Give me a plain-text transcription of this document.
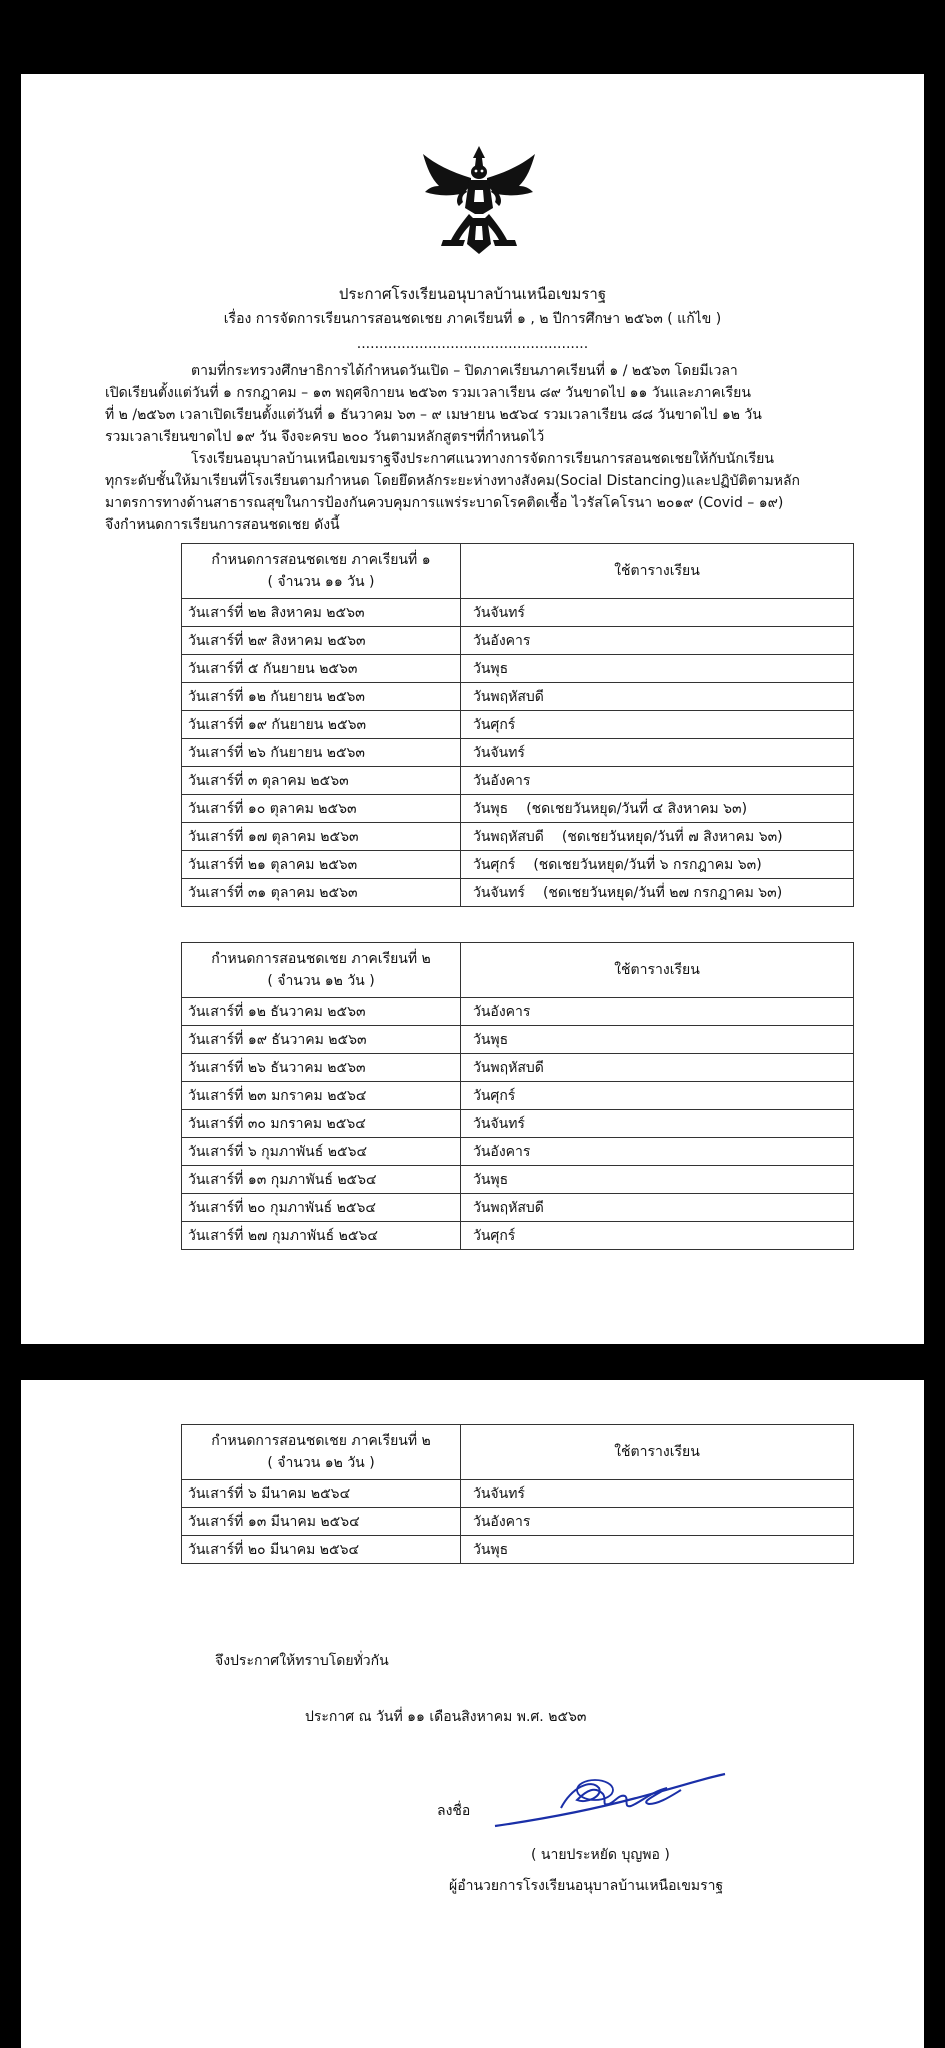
ประกาศโรงเรียนอนุบาลบ้านเหนือเขมราฐ
เรื่อง การจัดการเรียนการสอนชดเชย ภาคเรียนที่ ๑ , ๒ ปีการศึกษา ๒๕๖๓ ( แก้ไข )
....................................................
ตามที่กระทรวงศึกษาธิการได้กำหนดวันเปิด – ปิดภาคเรียนภาคเรียนที่ ๑ / ๒๕๖๓ โดยมีเวลา
เปิดเรียนตั้งแต่วันที่ ๑ กรกฎาคม – ๑๓ พฤศจิกายน ๒๕๖๓ รวมเวลาเรียน ๘๙ วันขาดไป ๑๑ วันและภาคเรียน
ที่ ๒ /๒๕๖๓ เวลาเปิดเรียนตั้งแต่วันที่ ๑ ธันวาคม ๖๓ – ๙ เมษายน ๒๕๖๔ รวมเวลาเรียน ๘๘ วันขาดไป ๑๒ วัน
รวมเวลาเรียนขาดไป ๑๙ วัน จึงจะครบ ๒๐๐ วันตามหลักสูตรฯที่กำหนดไว้
โรงเรียนอนุบาลบ้านเหนือเขมราฐจึงประกาศแนวทางการจัดการเรียนการสอนชดเชยให้กับนักเรียน
ทุกระดับชั้นให้มาเรียนที่โรงเรียนตามกำหนด โดยยึดหลักระยะห่างทางสังคม(Social Distancing)และปฏิบัติตามหลัก
มาตรการทางด้านสาธารณสุขในการป้องกันควบคุมการแพร่ระบาดโรคติดเชื้อ ไวรัสโคโรนา ๒๐๑๙ (Covid – ๑๙)
จึงกำหนดการเรียนการสอนชดเชย ดังนี้
กำหนดการสอนชดเชย ภาคเรียนที่ ๑
( จำนวน ๑๑ วัน )	ใช้ตารางเรียน
วันเสาร์ที่ ๒๒ สิงหาคม ๒๕๖๓	วันจันทร์
วันเสาร์ที่ ๒๙ สิงหาคม ๒๕๖๓	วันอังคาร
วันเสาร์ที่ ๕ กันยายน ๒๕๖๓	วันพุธ
วันเสาร์ที่ ๑๒ กันยายน ๒๕๖๓	วันพฤหัสบดี
วันเสาร์ที่ ๑๙ กันยายน ๒๕๖๓	วันศุกร์
วันเสาร์ที่ ๒๖ กันยายน ๒๕๖๓	วันจันทร์
วันเสาร์ที่ ๓ ตุลาคม ๒๕๖๓	วันอังคาร
วันเสาร์ที่ ๑๐ ตุลาคม ๒๕๖๓	วันพุธ (ชดเชยวันหยุด/วันที่ ๔ สิงหาคม ๖๓)
วันเสาร์ที่ ๑๗ ตุลาคม ๒๕๖๓	วันพฤหัสบดี (ชดเชยวันหยุด/วันที่ ๗ สิงหาคม ๖๓)
วันเสาร์ที่ ๒๑ ตุลาคม ๒๕๖๓	วันศุกร์ (ชดเชยวันหยุด/วันที่ ๖ กรกฎาคม ๖๓)
วันเสาร์ที่ ๓๑ ตุลาคม ๒๕๖๓	วันจันทร์ (ชดเชยวันหยุด/วันที่ ๒๗ กรกฎาคม ๖๓)
กำหนดการสอนชดเชย ภาคเรียนที่ ๒
( จำนวน ๑๒ วัน )	ใช้ตารางเรียน
วันเสาร์ที่ ๑๒ ธันวาคม ๒๕๖๓	วันอังคาร
วันเสาร์ที่ ๑๙ ธันวาคม ๒๕๖๓	วันพุธ
วันเสาร์ที่ ๒๖ ธันวาคม ๒๕๖๓	วันพฤหัสบดี
วันเสาร์ที่ ๒๓ มกราคม ๒๕๖๔	วันศุกร์
วันเสาร์ที่ ๓๐ มกราคม ๒๕๖๔	วันจันทร์
วันเสาร์ที่ ๖ กุมภาพันธ์ ๒๕๖๔	วันอังคาร
วันเสาร์ที่ ๑๓ กุมภาพันธ์ ๒๕๖๔	วันพุธ
วันเสาร์ที่ ๒๐ กุมภาพันธ์ ๒๕๖๔	วันพฤหัสบดี
วันเสาร์ที่ ๒๗ กุมภาพันธ์ ๒๕๖๔	วันศุกร์
กำหนดการสอนชดเชย ภาคเรียนที่ ๒
( จำนวน ๑๒ วัน )	ใช้ตารางเรียน
วันเสาร์ที่ ๖ มีนาคม ๒๕๖๔	วันจันทร์
วันเสาร์ที่ ๑๓ มีนาคม ๒๕๖๔	วันอังคาร
วันเสาร์ที่ ๒๐ มีนาคม ๒๕๖๔	วันพุธ
จึงประกาศให้ทราบโดยทั่วกัน
ประกาศ ณ วันที่ ๑๑ เดือนสิงหาคม พ.ศ. ๒๕๖๓
ลงชื่อ
( นายประหยัด บุญพอ )
ผู้อำนวยการโรงเรียนอนุบาลบ้านเหนือเขมราฐ
